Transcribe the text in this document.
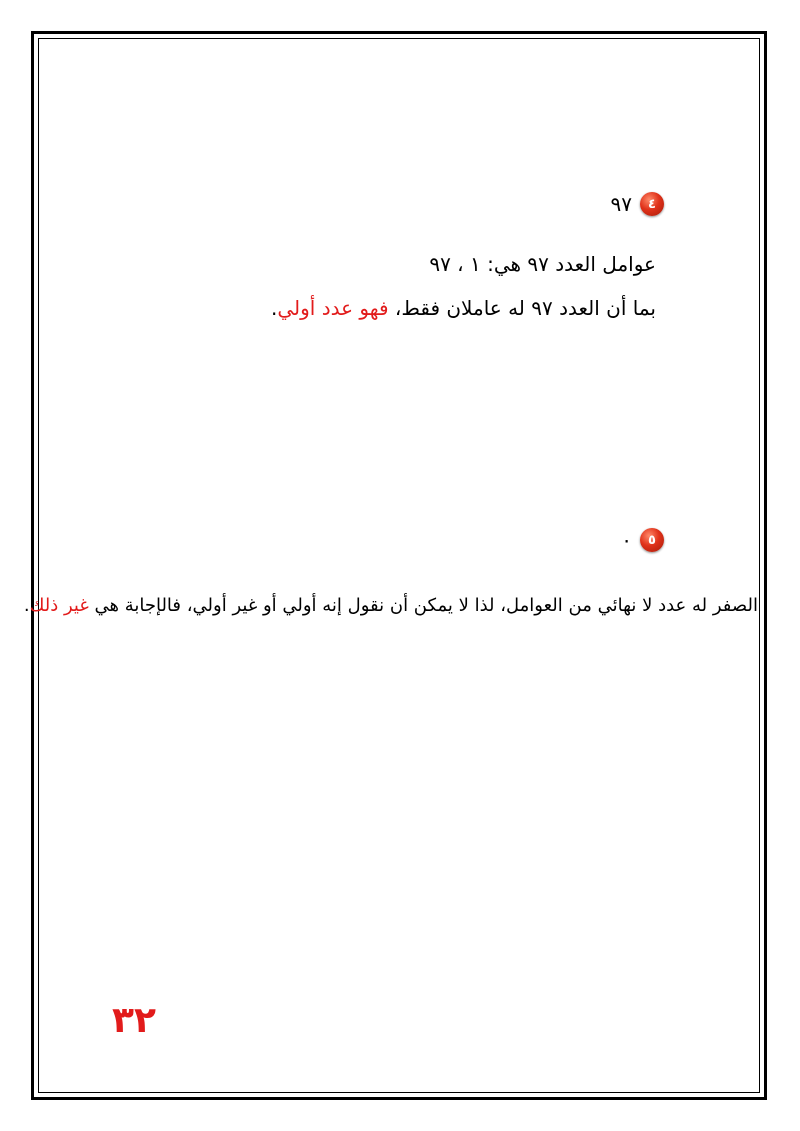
٤
٩٧
عوامل العدد ٩٧ هي: ١ ، ٩٧
بما أن العدد ٩٧ له عاملان فقط، فهو عدد أولي.
٥
٠
الصفر له عدد لا نهائي من العوامل، لذا لا يمكن أن نقول إنه أولي أو غير أولي، فالإجابة هي غير ذلك.
٣٢
